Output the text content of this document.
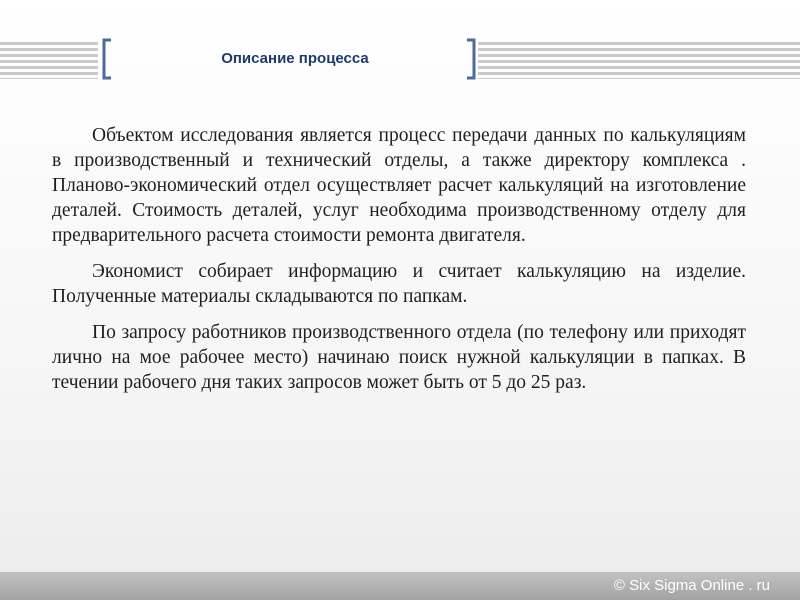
Описание процесса

Объектом исследования является процесс передачи данных по калькуляциям в производственный и технический отделы, а также директору комплекса . Планово-экономический отдел осуществляет расчет калькуляций на изготовление деталей. Стоимость деталей, услуг необходима производственному отделу для предварительного расчета стоимости ремонта двигателя.

Экономист собирает информацию и считает калькуляцию на изделие. Полученные материалы складываются по папкам.

По запросу работников производственного отдела (по телефону или приходят лично на мое рабочее место) начинаю поиск нужной калькуляции в папках. В течении рабочего дня таких запросов может быть от 5 до 25 раз.

© Six Sigma Online . ru
